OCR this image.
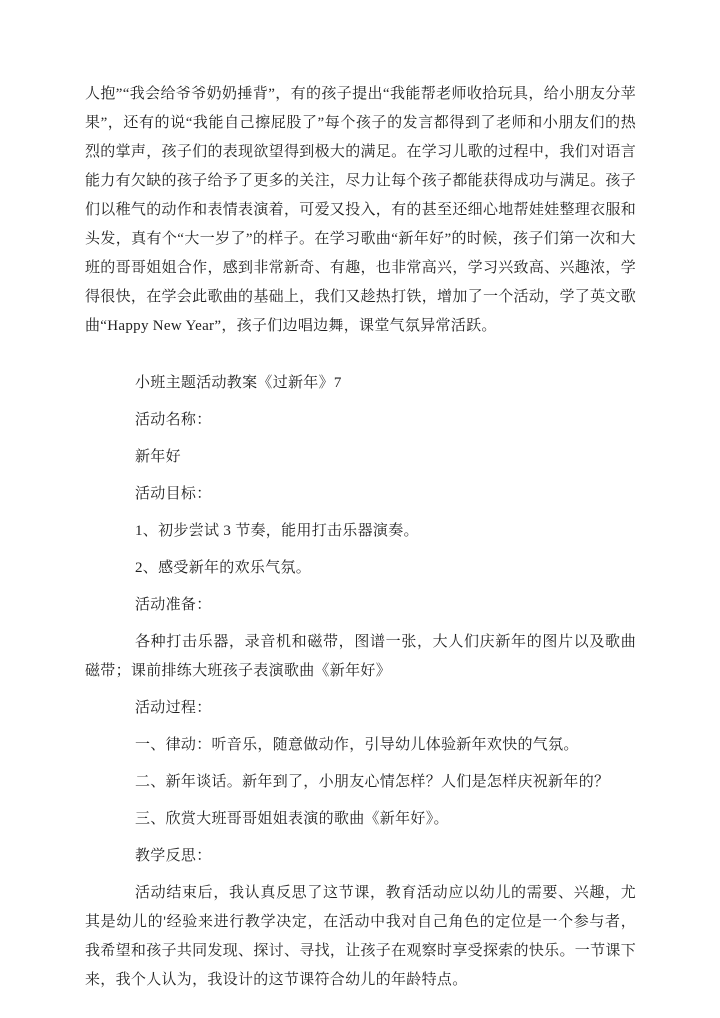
人抱”“我会给爷爷奶奶捶背”，有的孩子提出“我能帮老师收拾玩具，给小朋友分苹果”，还有的说“我能自己擦屁股了”每个孩子的发言都得到了老师和小朋友们的热烈的掌声，孩子们的表现欲望得到极大的满足。在学习儿歌的过程中，我们对语言能力有欠缺的孩子给予了更多的关注，尽力让每个孩子都能获得成功与满足。孩子们以稚气的动作和表情表演着，可爱又投入，有的甚至还细心地帮娃娃整理衣服和头发，真有个“大一岁了”的样子。在学习歌曲“新年好”的时候，孩子们第一次和大班的哥哥姐姐合作，感到非常新奇、有趣，也非常高兴，学习兴致高、兴趣浓，学得很快，在学会此歌曲的基础上，我们又趁热打铁，增加了一个活动，学了英文歌曲“Happy New Year”，孩子们边唱边舞，课堂气氛异常活跃。

小班主题活动教案《过新年》7

活动名称：

新年好

活动目标：

1、初步尝试 3 节奏，能用打击乐器演奏。

2、感受新年的欢乐气氛。

活动准备：

各种打击乐器，录音机和磁带，图谱一张，大人们庆新年的图片以及歌曲磁带；课前排练大班孩子表演歌曲《新年好》

活动过程：

一、律动：听音乐，随意做动作，引导幼儿体验新年欢快的气氛。

二、新年谈话。新年到了，小朋友心情怎样？人们是怎样庆祝新年的？

三、欣赏大班哥哥姐姐表演的歌曲《新年好》。

教学反思：

活动结束后，我认真反思了这节课，教育活动应以幼儿的需要、兴趣，尤其是幼儿的'经验来进行教学决定，在活动中我对自己角色的定位是一个参与者，我希望和孩子共同发现、探讨、寻找，让孩子在观察时享受探索的快乐。一节课下来，我个人认为，我设计的这节课符合幼儿的年龄特点。
